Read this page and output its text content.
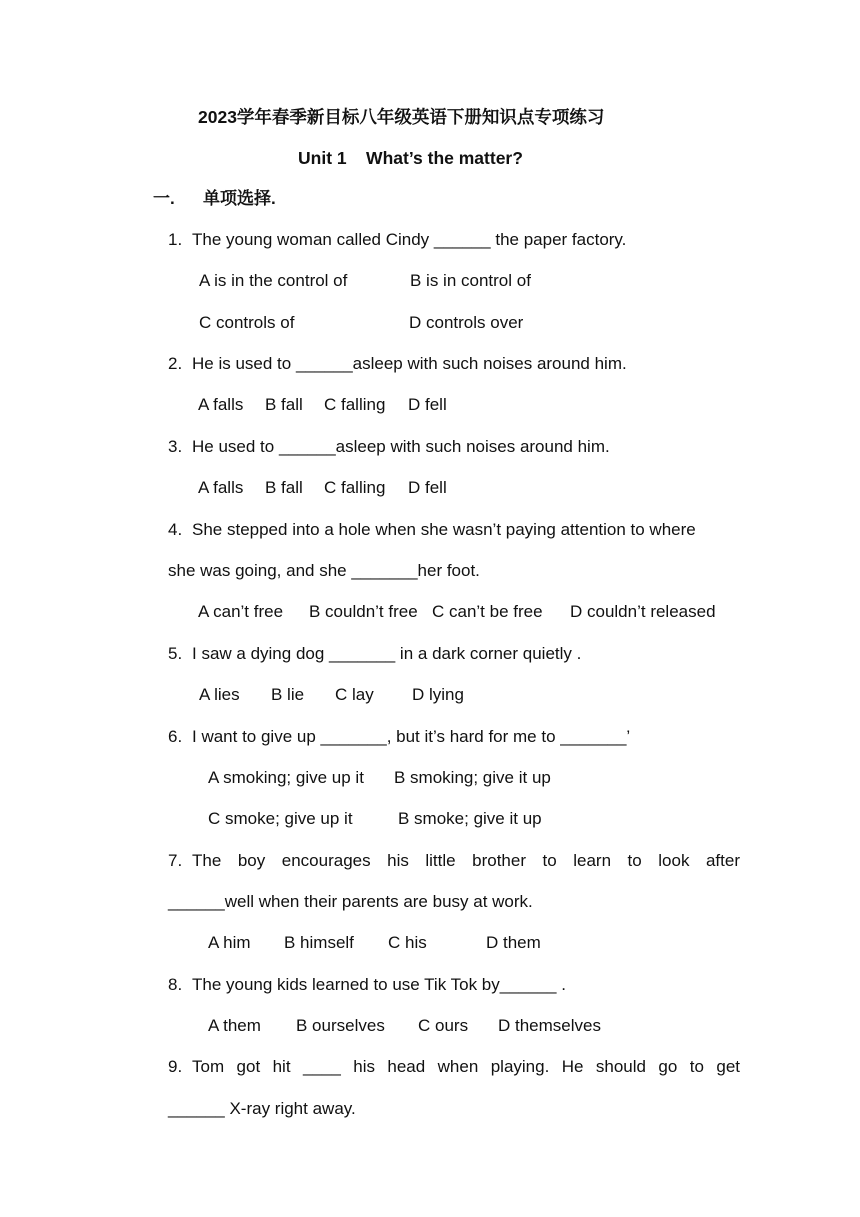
2023学年春季新目标八年级英语下册知识点专项练习
Unit 1    What’s the matter?
一. 单项选择.
1. The young woman called Cindy ______ the paper factory.
A is in the control of	B is in control of
C controls of	D controls over
2. He is used to ______asleep with such noises around him.
A falls B fall C falling D fell
3. He used to ______asleep with such noises around him.
A falls B fall C falling D fell
4. She stepped into a hole when she wasn’t paying attention to where
she was going, and she _______her foot.
A can’t free B couldn’t free C can’t be free D couldn’t released
5. I saw a dying dog _______ in a dark corner quietly .
A lies B lie C lay D lying
6. I want to give up _______, but it’s hard for me to _______’
A smoking; give up it B smoking; give it up
C smoke; give up it	B smoke; give it up
7. The boy encourages his little brother to learn to look after
______well when their parents are busy at work.
A him B himself C his	D them
8. The young kids learned to use Tik Tok by______ .
A them B ourselves C ours D themselves
9. Tom got hit ____ his head when playing. He should go to get
______ X-ray right away.
